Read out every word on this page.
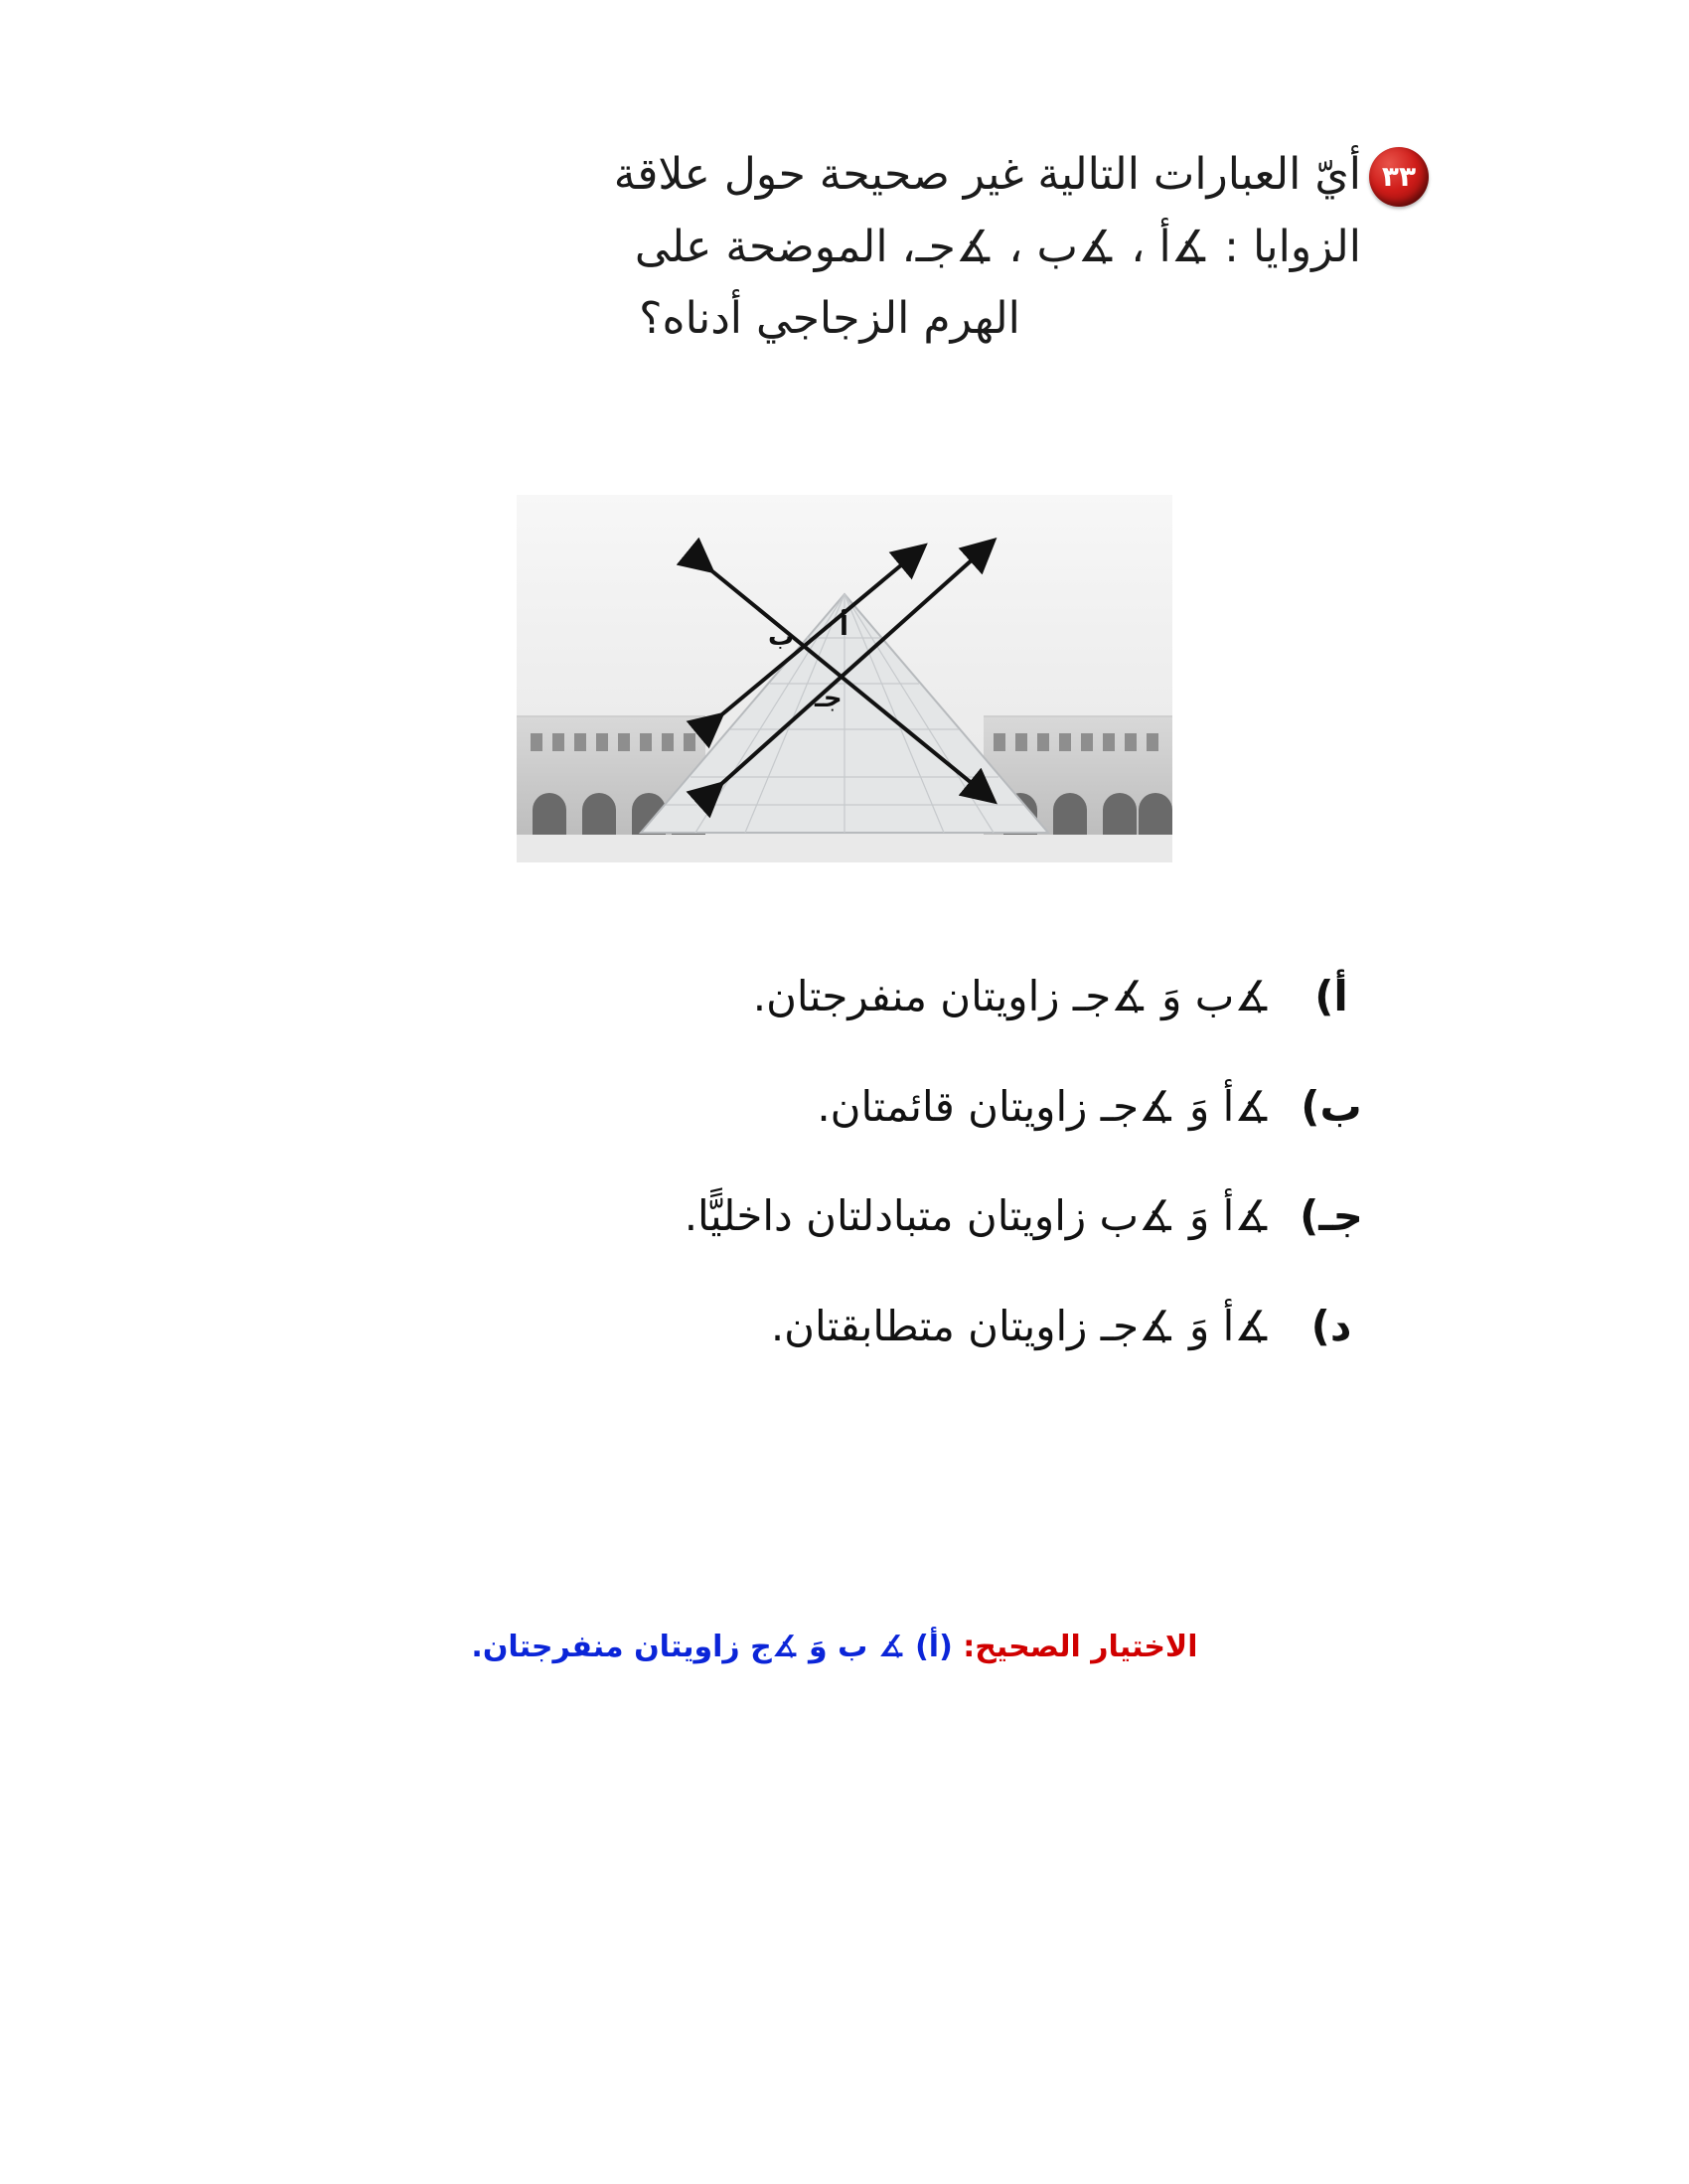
٣٣
أيّ العبارات التالية غير صحيحة حول علاقة
الزوايا : ∡أ ، ∡ب ، ∡جـ، الموضحة على
الهرم الزجاجي أدناه؟
أ
ب
جـ
أ)
∡ب وَ ∡جـ زاويتان منفرجتان.
ب)
∡أ وَ ∡جـ زاويتان قائمتان.
جـ)
∡أ وَ ∡ب زاويتان متبادلتان داخليًّا.
د)
∡أ وَ ∡جـ زاويتان متطابقتان.
الاختيار الصحيح: (أ) ∡ ب وَ ∡ج زاويتان منفرجتان.
